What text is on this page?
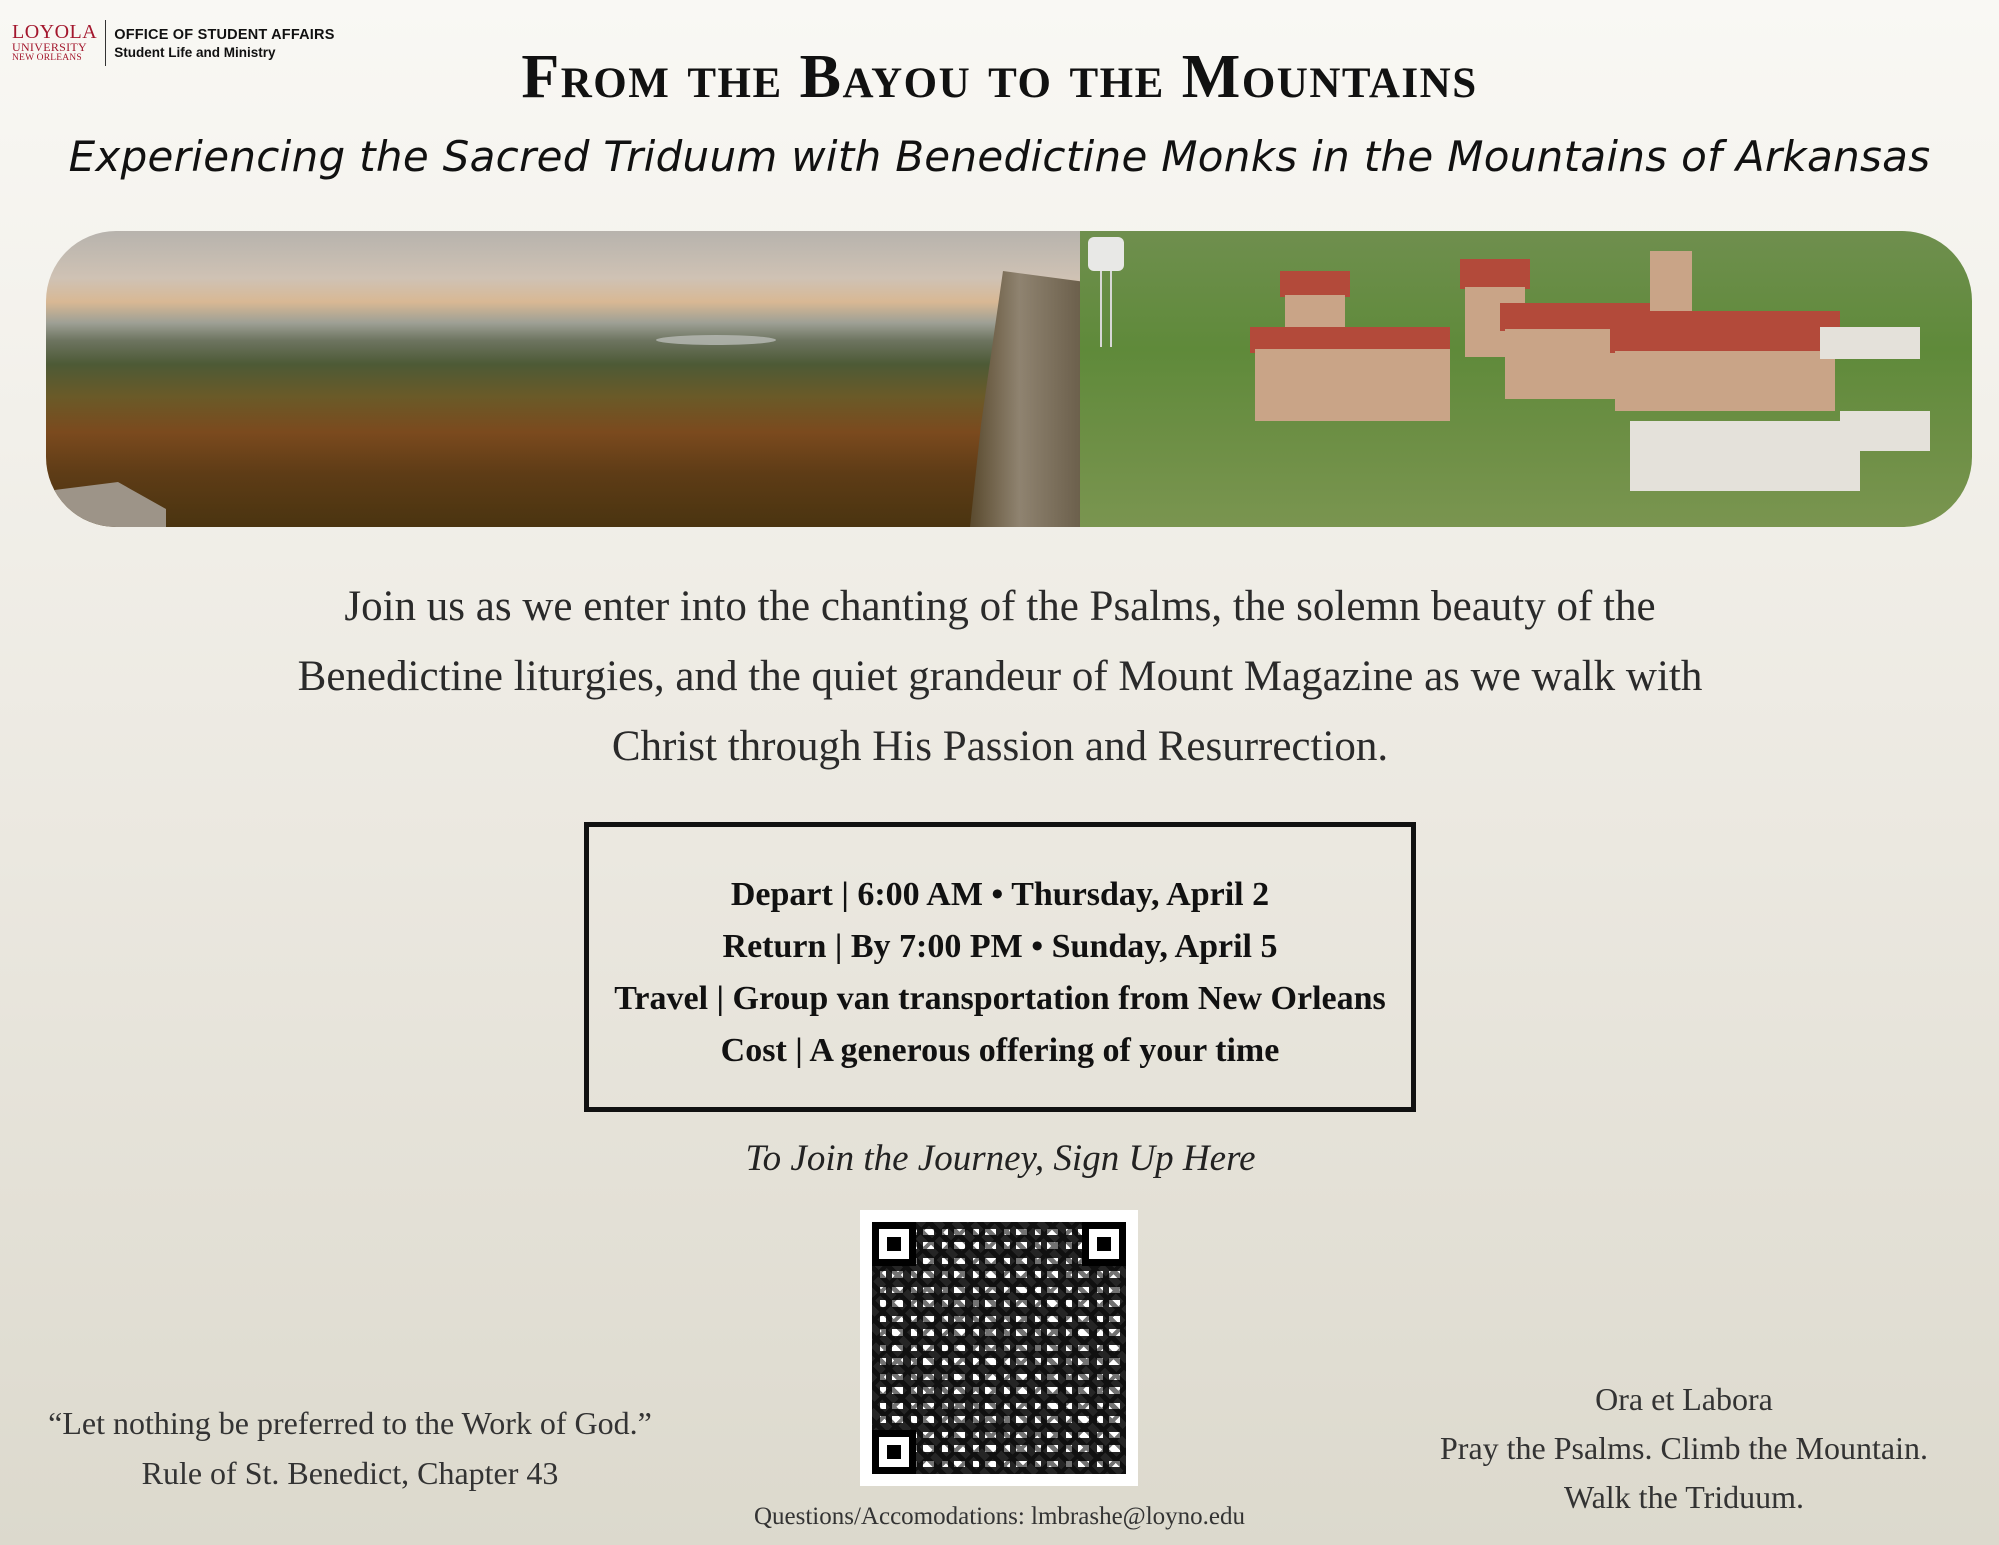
LOYOLA
UNIVERSITY
NEW ORLEANS
OFFICE OF STUDENT AFFAIRS
Student Life and Ministry	From the Bayou to the Mountains
Experiencing the Sacred Triduum with Benedictine Monks in the Mountains of Arkansas
Join us as we enter into the chanting of the Psalms, the solemn beauty of the
Benedictine liturgies, and the quiet grandeur of Mount Magazine as we walk with
Christ through His Passion and Resurrection.
Depart | 6:00 AM • Thursday, April 2
Return | By 7:00 PM • Sunday, April 5
Travel | Group van transportation from New Orleans
Cost | A generous offering of your time
To Join the Journey, Sign Up Here
“Let nothing be preferred to the Work of God.”
Rule of St. Benedict, Chapter 43
Ora et Labora
Pray the Psalms. Climb the Mountain.
Walk the Triduum.
Questions/Accomodations: lmbrashe@loyno.edu
